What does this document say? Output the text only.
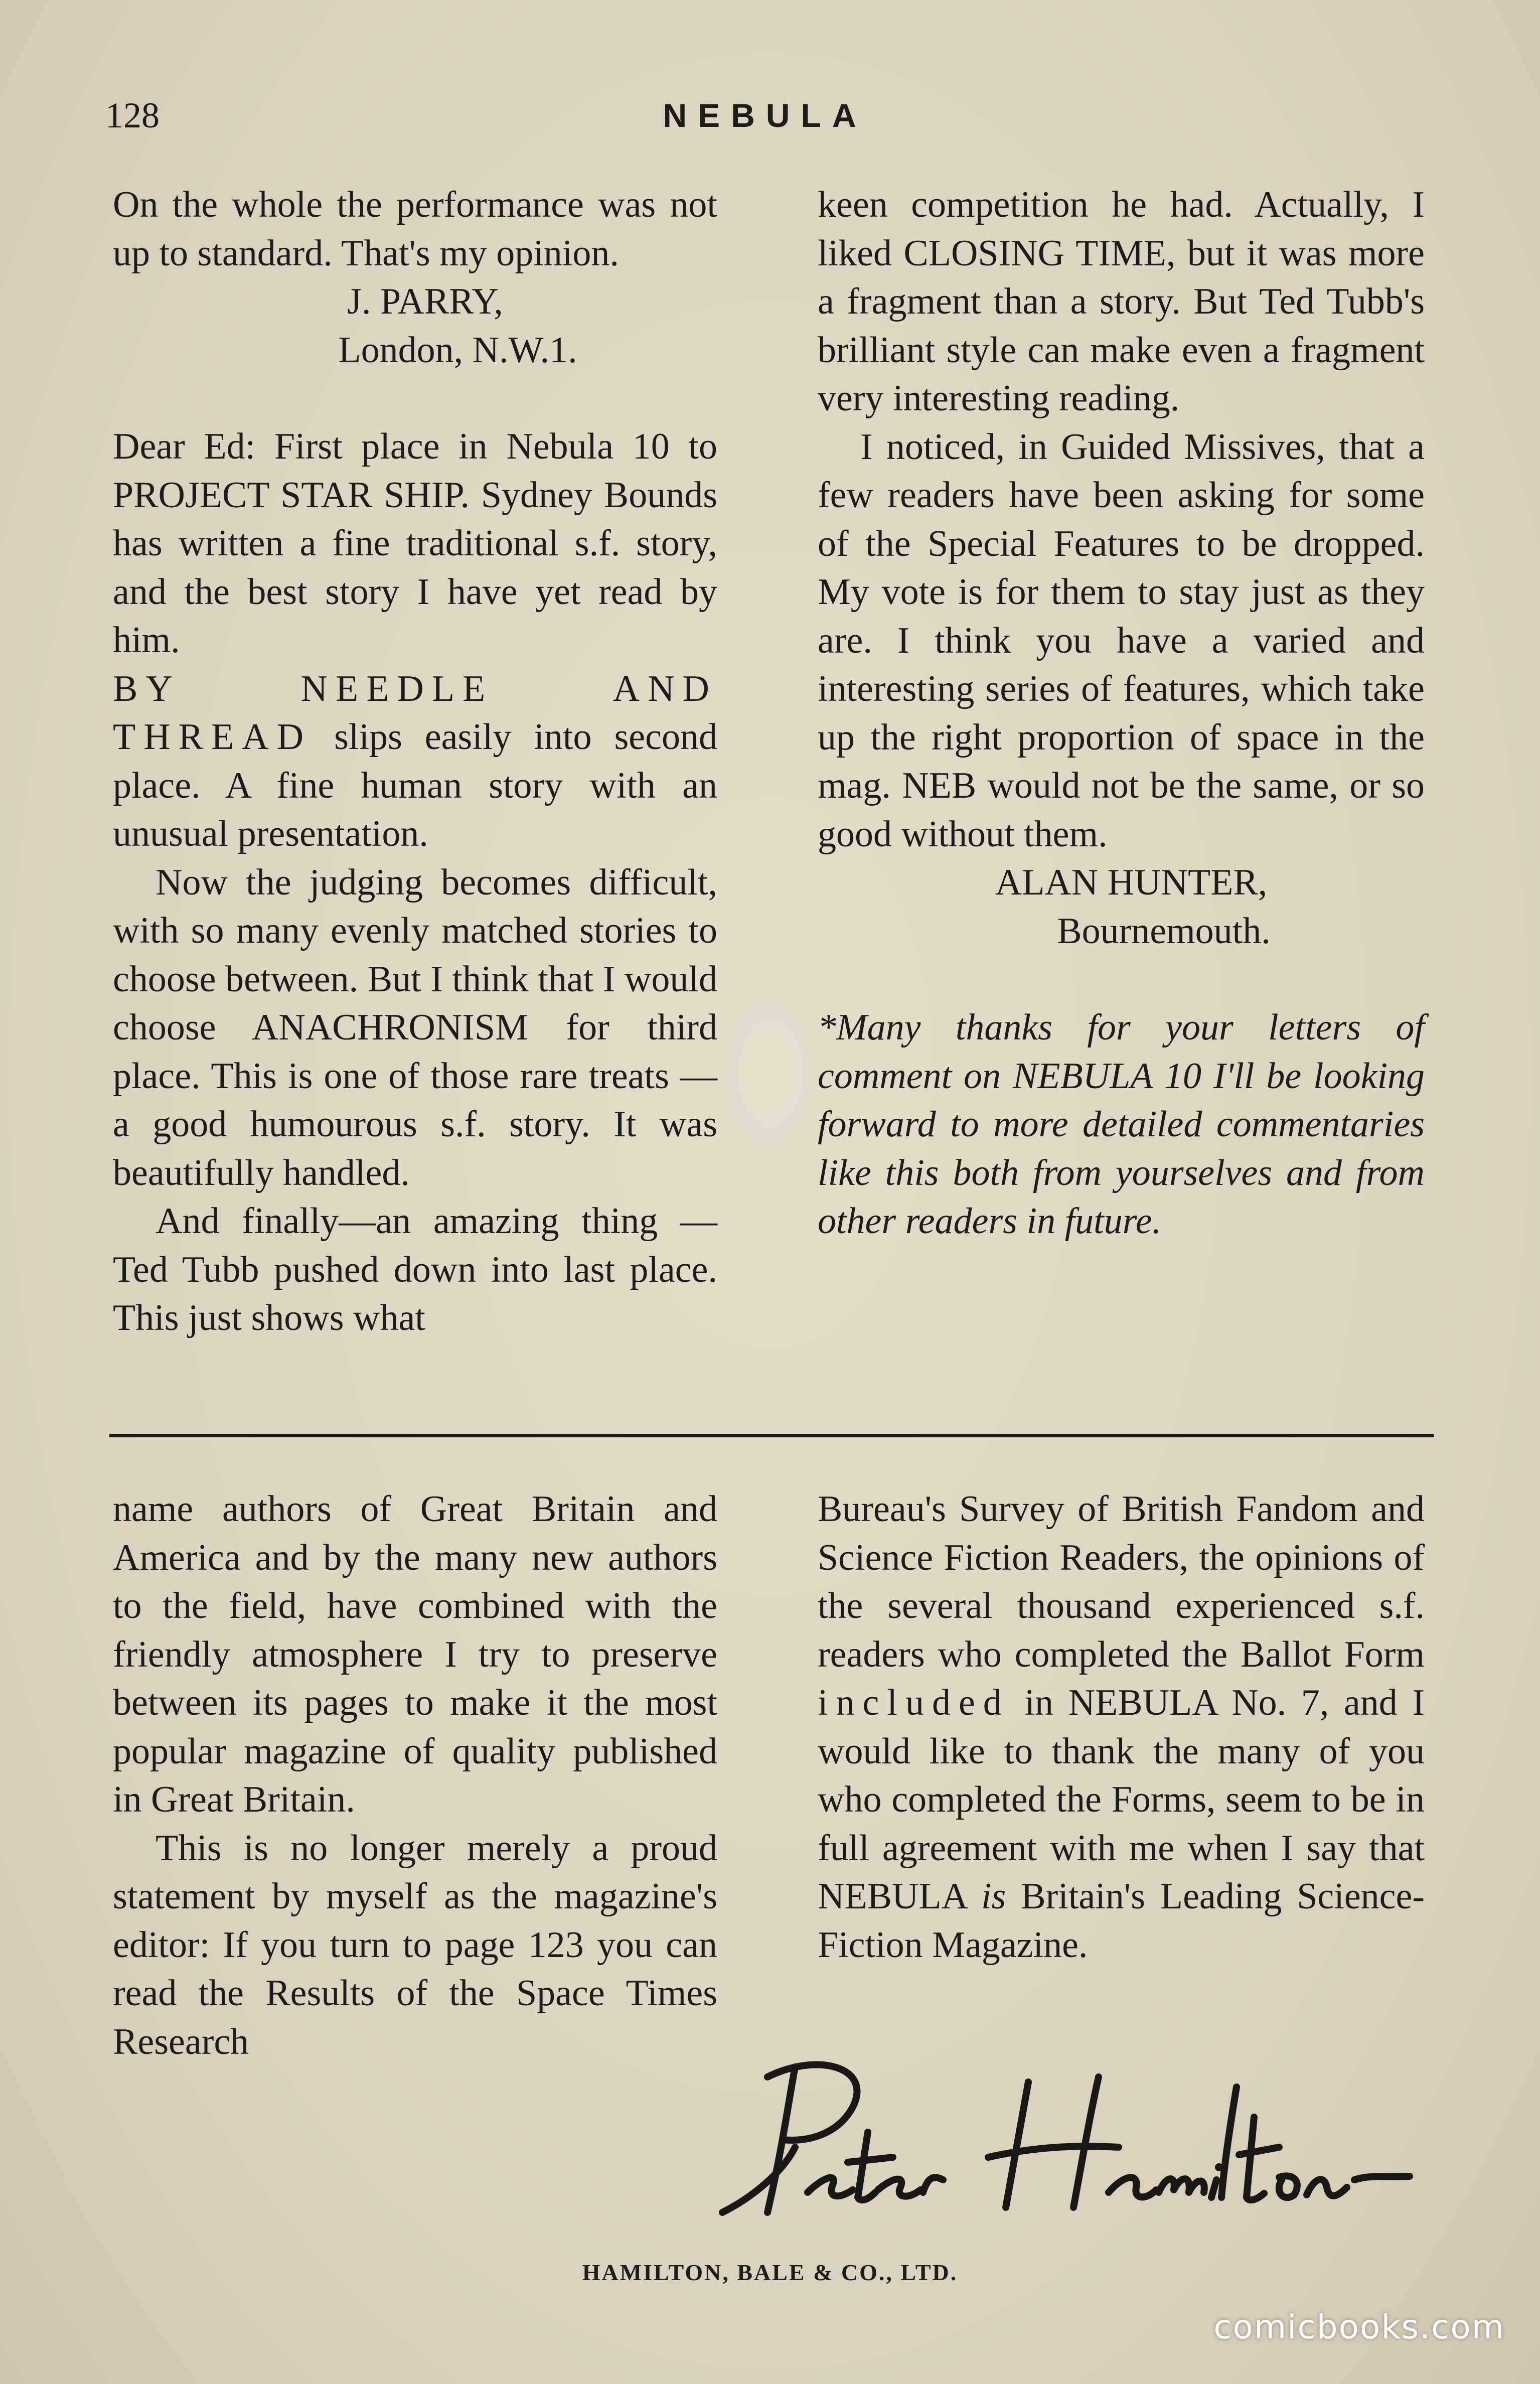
128	NEBULA

On the whole the performance was not up to standard. That's my opinion.

J. PARRY,

London, N.W.1.

Dear Ed: First place in Nebula 10 to PROJECT STAR SHIP. Sydney Bounds has written a fine traditional s.f. story, and the best story I have yet read by him.

BY NEEDLE AND THREAD slips easily into second place. A fine human story with an unusual presentation.

Now the judging becomes difficult, with so many evenly matched stories to choose between. But I think that I would choose ANACHRONISM for third place. This is one of those rare treats — a good humourous s.f. story. It was beautifully handled.

And finally—an amazing thing —Ted Tubb pushed down into last place. This just shows what

keen competition he had. Actually, I liked CLOSING TIME, but it was more a fragment than a story. But Ted Tubb's brilliant style can make even a fragment very interesting reading.

I noticed, in Guided Missives, that a few readers have been asking for some of the Special Features to be dropped. My vote is for them to stay just as they are. I think you have a varied and interesting series of features, which take up the right proportion of space in the mag. NEB would not be the same, or so good without them.

ALAN HUNTER,

Bournemouth.

*Many thanks for your letters of comment on NEBULA 10 I'll be looking forward to more detailed commentaries like this both from yourselves and from other readers in future.

name authors of Great Britain and America and by the many new authors to the field, have combined with the friendly atmosphere I try to preserve between its pages to make it the most popular magazine of quality published in Great Britain.

This is no longer merely a proud statement by myself as the magazine's editor: If you turn to page 123 you can read the Results of the Space Times Research

Bureau's Survey of British Fandom and Science Fiction Readers, the opinions of the several thousand experienced s.f. readers who completed the Ballot Form included in NEBULA No. 7, and I would like to thank the many of you who completed the Forms, seem to be in full agreement with me when I say that NEBULA is Britain's Leading Science-Fiction Magazine.

HAMILTON, BALE & CO., LTD.
comicbooks.com
